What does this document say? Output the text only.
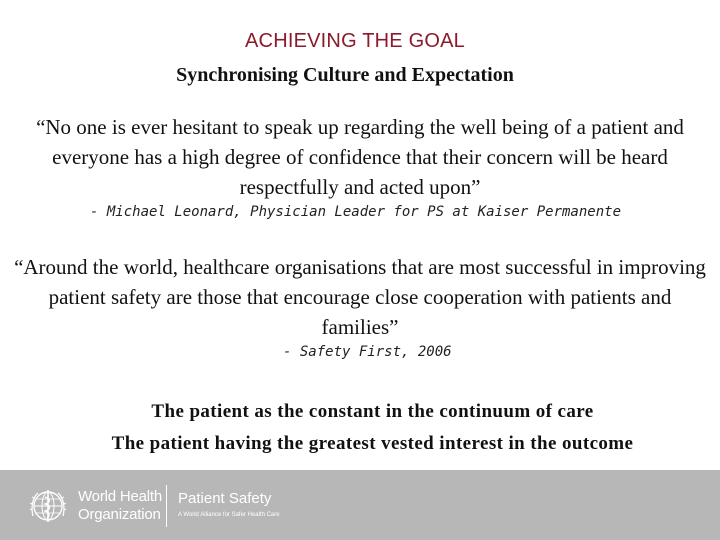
ACHIEVING THE GOAL
Synchronising Culture and Expectation
“No one is ever hesitant to speak up regarding the well being of a patient and everyone has a high degree of confidence that their concern will be heard respectfully and acted upon”
- Michael Leonard, Physician Leader for PS at Kaiser Permanente
“Around the world, healthcare organisations that are most successful in improving patient safety are those that encourage close cooperation with patients and families”
- Safety First, 2006
The patient as the constant in the continuum of care
The patient having the greatest vested interest in the outcome
World Health
Organization
Patient Safety
A World Alliance for Safer Health Care
